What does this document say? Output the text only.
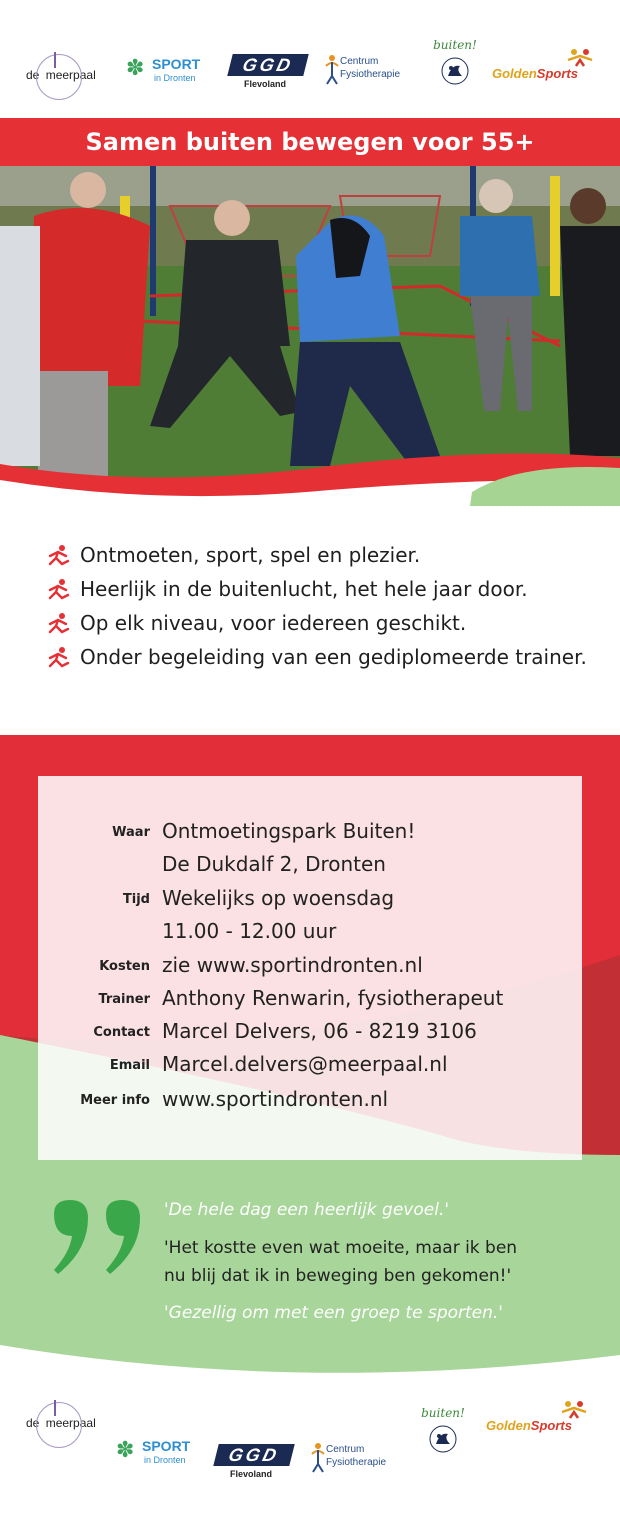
de meerpaal ✽ SPORT
in Dronten
GGD
Flevoland
Centrum
Fysiotherapie
buiten!
GoldenSports
Samen buiten bewegen voor 55+
Ontmoeten, sport, spel en plezier.
Heerlijk in de buitenlucht, het hele jaar door.
Op elk niveau, voor iedereen geschikt.
Onder begeleiding van een gediplomeerde trainer.
Waar Ontmoetingspark Buiten!
De Dukdalf 2, Dronten
Tijd Wekelijks op woensdag
11.00 - 12.00 uur
Kosten zie www.sportindronten.nl
Trainer Anthony Renwarin, fysiotherapeut
Contact Marcel Delvers, 06 - 8219 3106
Email Marcel.delvers@meerpaal.nl
Meer info www.sportindronten.nl
'De hele dag een heerlijk gevoel.'
'Het kostte even wat moeite, maar ik ben
nu blij dat ik in beweging ben gekomen!'
'Gezellig om met een groep te sporten.'
de meerpaal
✽ SPORT
in Dronten	GGD
Flevoland
Centrum
Fysiotherapie
buiten!
GoldenSports
